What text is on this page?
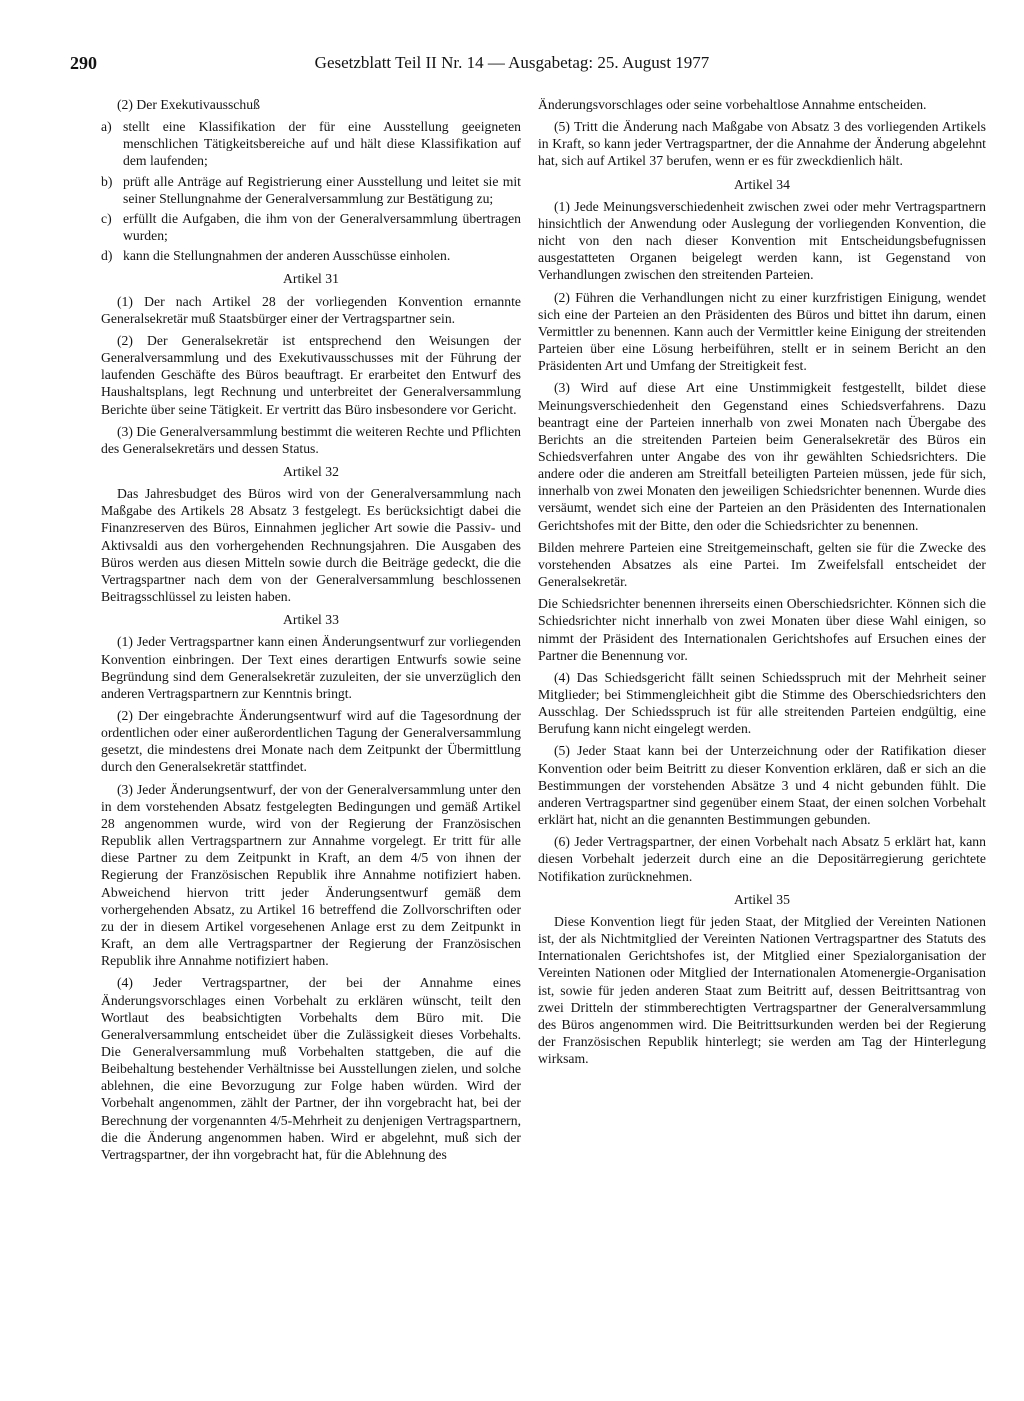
290	Gesetzblatt Teil II Nr. 14 — Ausgabetag: 25. August 1977

(2) Der Exekutivausschuß

a) stellt eine Klassifikation der für eine Ausstellung geeigneten menschlichen Tätigkeitsbereiche auf und hält diese Klassifikation auf dem laufenden;
b) prüft alle Anträge auf Registrierung einer Ausstellung und leitet sie mit seiner Stellungnahme der Generalversammlung zur Bestätigung zu;
c) erfüllt die Aufgaben, die ihm von der Generalversammlung übertragen wurden;
d) kann die Stellungnahmen der anderen Ausschüsse einholen.
Artikel 31

(1) Der nach Artikel 28 der vorliegenden Konvention ernannte Generalsekretär muß Staatsbürger einer der Vertragspartner sein.

(2) Der Generalsekretär ist entsprechend den Weisungen der Generalversammlung und des Exekutivausschusses mit der Führung der laufenden Geschäfte des Büros beauftragt. Er erarbeitet den Entwurf des Haushaltsplans, legt Rechnung und unterbreitet der Generalversammlung Berichte über seine Tätigkeit. Er vertritt das Büro insbesondere vor Gericht.

(3) Die Generalversammlung bestimmt die weiteren Rechte und Pflichten des Generalsekretärs und dessen Status.

Artikel 32

Das Jahresbudget des Büros wird von der Generalversammlung nach Maßgabe des Artikels 28 Absatz 3 festgelegt. Es berücksichtigt dabei die Finanzreserven des Büros, Einnahmen jeglicher Art sowie die Passiv- und Aktivsaldi aus den vorhergehenden Rechnungsjahren. Die Ausgaben des Büros werden aus diesen Mitteln sowie durch die Beiträge gedeckt, die die Vertragspartner nach dem von der Generalversammlung beschlossenen Beitragsschlüssel zu leisten haben.

Artikel 33

(1) Jeder Vertragspartner kann einen Änderungsentwurf zur vorliegenden Konvention einbringen. Der Text eines derartigen Entwurfs sowie seine Begründung sind dem Generalsekretär zuzuleiten, der sie unverzüglich den anderen Vertragspartnern zur Kenntnis bringt.

(2) Der eingebrachte Änderungsentwurf wird auf die Tagesordnung der ordentlichen oder einer außerordentlichen Tagung der Generalversammlung gesetzt, die mindestens drei Monate nach dem Zeitpunkt der Übermittlung durch den Generalsekretär stattfindet.

(3) Jeder Änderungsentwurf, der von der Generalversammlung unter den in dem vorstehenden Absatz festgelegten Bedingungen und gemäß Artikel 28 angenommen wurde, wird von der Regierung der Französischen Republik allen Vertragspartnern zur Annahme vorgelegt. Er tritt für alle diese Partner zu dem Zeitpunkt in Kraft, an dem 4/5 von ihnen der Regierung der Französischen Republik ihre Annahme notifiziert haben. Abweichend hiervon tritt jeder Änderungsentwurf gemäß dem vorhergehenden Absatz, zu Artikel 16 betreffend die Zollvorschriften oder zu der in diesem Artikel vorgesehenen Anlage erst zu dem Zeitpunkt in Kraft, an dem alle Vertragspartner der Regierung der Französischen Republik ihre Annahme notifiziert haben.

(4) Jeder Vertragspartner, der bei der Annahme eines Änderungsvorschlages einen Vorbehalt zu erklären wünscht, teilt den Wortlaut des beabsichtigten Vorbehalts dem Büro mit. Die Generalversammlung entscheidet über die Zulässigkeit dieses Vorbehalts. Die Generalversammlung muß Vorbehalten stattgeben, die auf die Beibehaltung bestehender Verhältnisse bei Ausstellungen zielen, und solche ablehnen, die eine Bevorzugung zur Folge haben würden. Wird der Vorbehalt angenommen, zählt der Partner, der ihn vorgebracht hat, bei der Berechnung der vorgenannten 4/5-Mehrheit zu denjenigen Vertragspartnern, die die Änderung angenommen haben. Wird er abgelehnt, muß sich der Vertragspartner, der ihn vorgebracht hat, für die Ablehnung des

Änderungsvorschlages oder seine vorbehaltlose Annahme entscheiden.

(5) Tritt die Änderung nach Maßgabe von Absatz 3 des vorliegenden Artikels in Kraft, so kann jeder Vertragspartner, der die Annahme der Änderung abgelehnt hat, sich auf Artikel 37 berufen, wenn er es für zweckdienlich hält.

Artikel 34

(1) Jede Meinungsverschiedenheit zwischen zwei oder mehr Vertragspartnern hinsichtlich der Anwendung oder Auslegung der vorliegenden Konvention, die nicht von den nach dieser Konvention mit Entscheidungsbefugnissen ausgestatteten Organen beigelegt werden kann, ist Gegenstand von Verhandlungen zwischen den streitenden Parteien.

(2) Führen die Verhandlungen nicht zu einer kurzfristigen Einigung, wendet sich eine der Parteien an den Präsidenten des Büros und bittet ihn darum, einen Vermittler zu benennen. Kann auch der Vermittler keine Einigung der streitenden Parteien über eine Lösung herbeiführen, stellt er in seinem Bericht an den Präsidenten Art und Umfang der Streitigkeit fest.

(3) Wird auf diese Art eine Unstimmigkeit festgestellt, bildet diese Meinungsverschiedenheit den Gegenstand eines Schiedsverfahrens. Dazu beantragt eine der Parteien innerhalb von zwei Monaten nach Übergabe des Berichts an die streitenden Parteien beim Generalsekretär des Büros ein Schiedsverfahren unter Angabe des von ihr gewählten Schiedsrichters. Die andere oder die anderen am Streitfall beteiligten Parteien müssen, jede für sich, innerhalb von zwei Monaten den jeweiligen Schiedsrichter benennen. Wurde dies versäumt, wendet sich eine der Parteien an den Präsidenten des Internationalen Gerichtshofes mit der Bitte, den oder die Schiedsrichter zu benennen.

Bilden mehrere Parteien eine Streitgemeinschaft, gelten sie für die Zwecke des vorstehenden Absatzes als eine Partei. Im Zweifelsfall entscheidet der Generalsekretär.

Die Schiedsrichter benennen ihrerseits einen Oberschiedsrichter. Können sich die Schiedsrichter nicht innerhalb von zwei Monaten über diese Wahl einigen, so nimmt der Präsident des Internationalen Gerichtshofes auf Ersuchen eines der Partner die Benennung vor.

(4) Das Schiedsgericht fällt seinen Schiedsspruch mit der Mehrheit seiner Mitglieder; bei Stimmengleichheit gibt die Stimme des Oberschiedsrichters den Ausschlag. Der Schiedsspruch ist für alle streitenden Parteien endgültig, eine Berufung kann nicht eingelegt werden.

(5) Jeder Staat kann bei der Unterzeichnung oder der Ratifikation dieser Konvention oder beim Beitritt zu dieser Konvention erklären, daß er sich an die Bestimmungen der vorstehenden Absätze 3 und 4 nicht gebunden fühlt. Die anderen Vertragspartner sind gegenüber einem Staat, der einen solchen Vorbehalt erklärt hat, nicht an die genannten Bestimmungen gebunden.

(6) Jeder Vertragspartner, der einen Vorbehalt nach Absatz 5 erklärt hat, kann diesen Vorbehalt jederzeit durch eine an die Depositärregierung gerichtete Notifikation zurücknehmen.

Artikel 35

Diese Konvention liegt für jeden Staat, der Mitglied der Vereinten Nationen ist, der als Nichtmitglied der Vereinten Nationen Vertragspartner des Statuts des Internationalen Gerichtshofes ist, der Mitglied einer Spezialorganisation der Vereinten Nationen oder Mitglied der Internationalen Atomenergie-Organisation ist, sowie für jeden anderen Staat zum Beitritt auf, dessen Beitrittsantrag von zwei Dritteln der stimmberechtigten Vertragspartner der Generalversammlung des Büros angenommen wird. Die Beitrittsurkunden werden bei der Regierung der Französischen Republik hinterlegt; sie werden am Tag der Hinterlegung wirksam.
